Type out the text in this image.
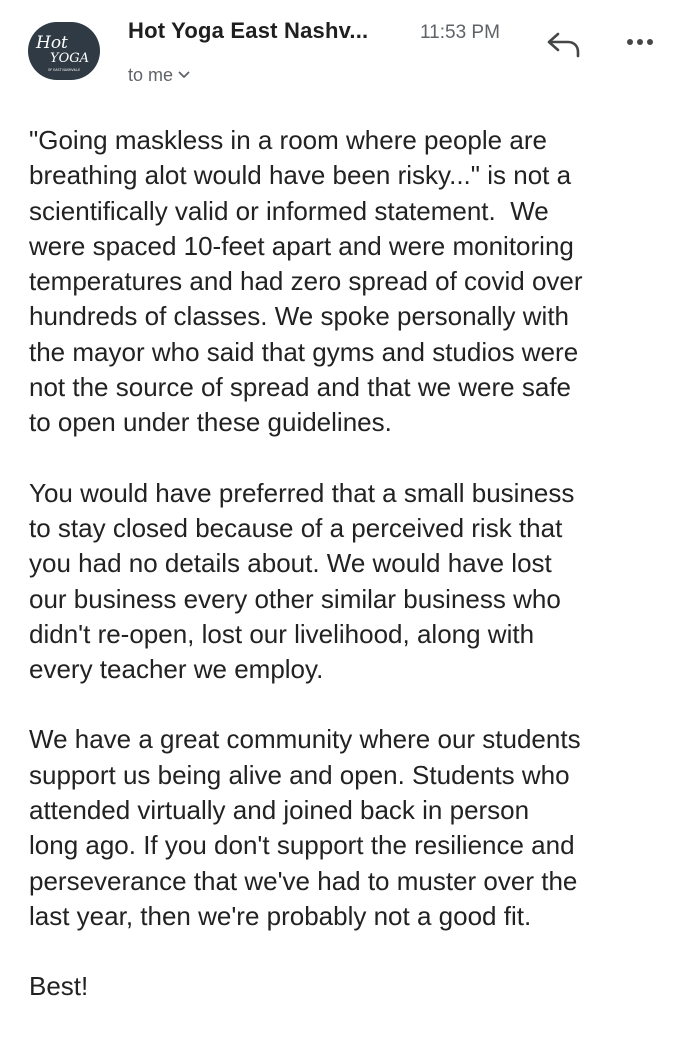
Hot
YOGA
OF EAST NASHVILLE
Hot Yoga East Nashv...	11:53 PM
to me

"Going maskless in a room where people are
breathing alot would have been risky..." is not a
scientifically valid or informed statement.  We
were spaced 10-feet apart and were monitoring
temperatures and had zero spread of covid over
hundreds of classes. We spoke personally with
the mayor who said that gyms and studios were
not the source of spread and that we were safe
to open under these guidelines.

You would have preferred that a small business
to stay closed because of a perceived risk that
you had no details about. We would have lost
our business every other similar business who
didn't re-open, lost our livelihood, along with
every teacher we employ.

We have a great community where our students
support us being alive and open. Students who
attended virtually and joined back in person
long ago. If you don't support the resilience and
perseverance that we've had to muster over the
last year, then we're probably not a good fit.

Best!
